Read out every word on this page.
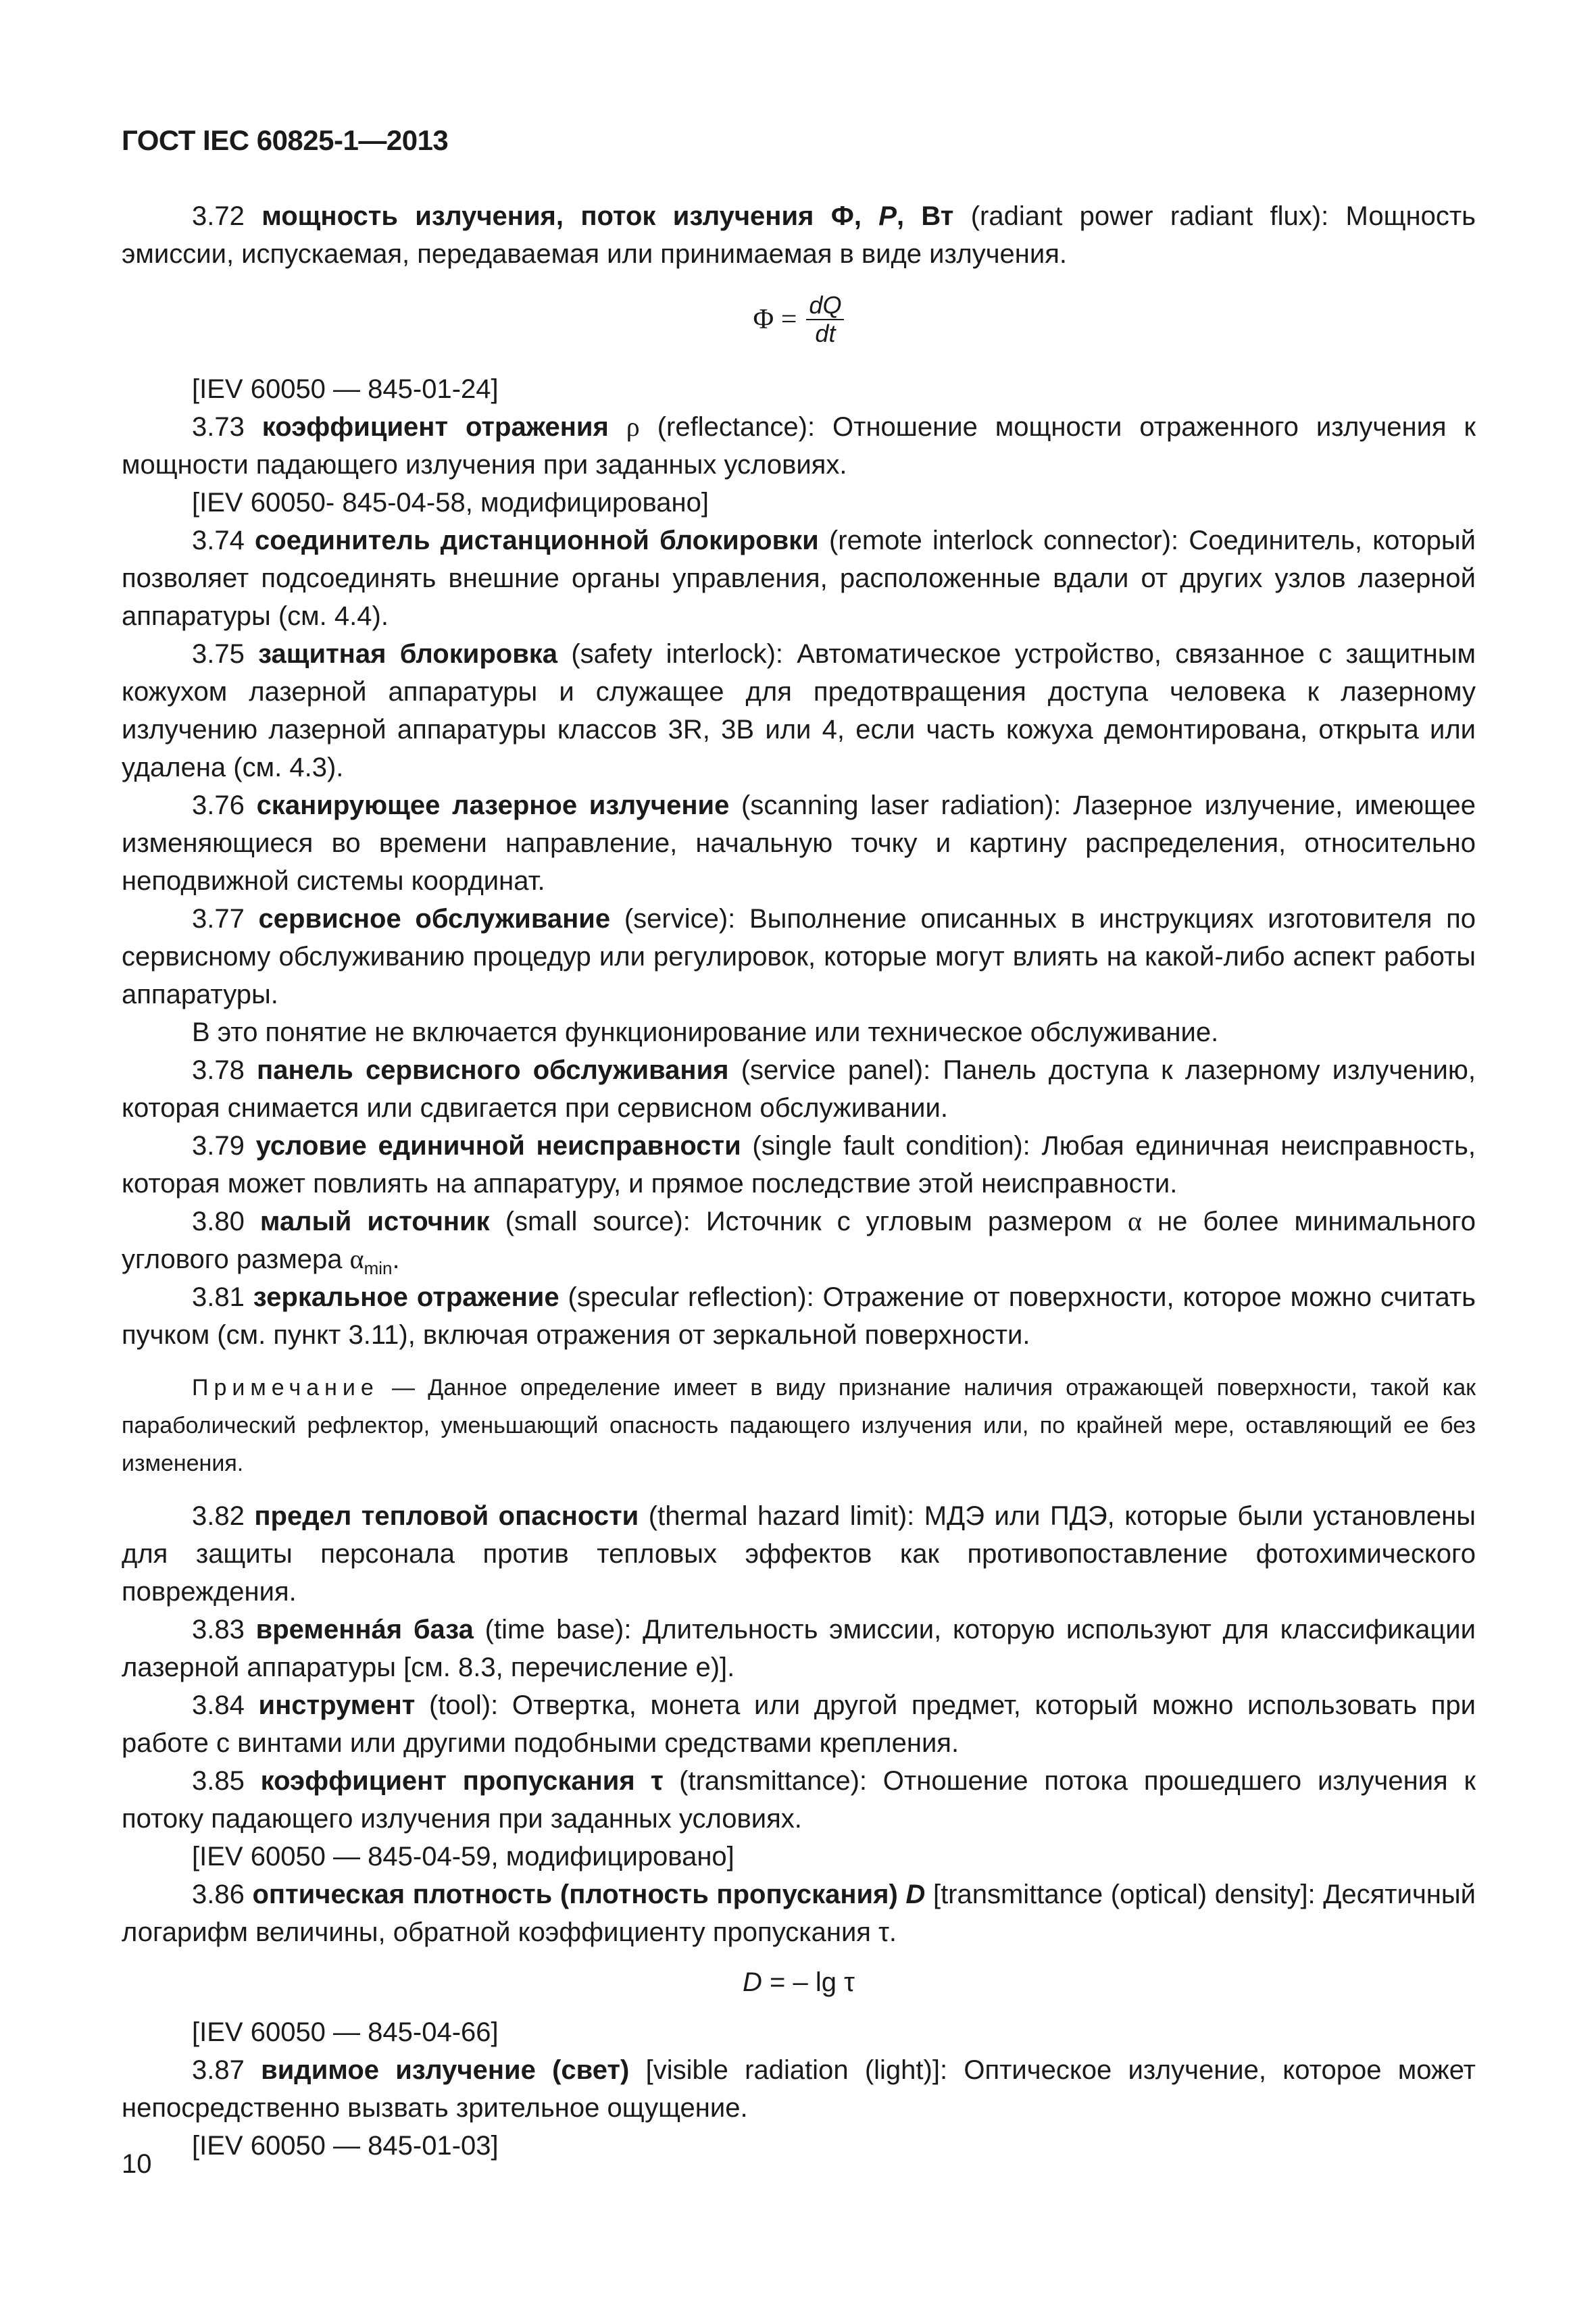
ГОСТ IEC 60825-1—2013

3.72 мощность излучения, поток излучения Ф, P, Вт (radiant power radiant flux): Мощность эмиссии, испускаемая, передаваемая или принимаемая в виде излучения.

$\Phi = \frac{dQ}{dt}$

[IEV 60050 — 845-01-24]

3.73 коэффициент отражения ρ (reflectance): Отношение мощности отраженного излучения к мощности падающего излучения при заданных условиях.

[IEV 60050- 845-04-58, модифицировано]

3.74 соединитель дистанционной блокировки (remote interlock connector): Соединитель, который позволяет подсоединять внешние органы управления, расположенные вдали от других узлов лазерной аппаратуры (см. 4.4).

3.75 защитная блокировка (safety interlock): Автоматическое устройство, связанное с защитным кожухом лазерной аппаратуры и служащее для предотвращения доступа человека к лазерному излучению лазерной аппаратуры классов 3R, 3B или 4, если часть кожуха демонтирована, открыта или удалена (см. 4.3).

3.76 сканирующее лазерное излучение (scanning laser radiation): Лазерное излучение, имеющее изменяющиеся во времени направление, начальную точку и картину распределения, относительно неподвижной системы координат.

3.77 сервисное обслуживание (service): Выполнение описанных в инструкциях изготовителя по сервисному обслуживанию процедур или регулировок, которые могут влиять на какой-либо аспект работы аппаратуры.

В это понятие не включается функционирование или техническое обслуживание.

3.78 панель сервисного обслуживания (service panel): Панель доступа к лазерному излучению, которая снимается или сдвигается при сервисном обслуживании.

3.79 условие единичной неисправности (single fault condition): Любая единичная неисправность, которая может повлиять на аппаратуру, и прямое последствие этой неисправности.

3.80 малый источник (small source): Источник с угловым размером α не более минимального углового размера $\alpha_{min}$.

3.81 зеркальное отражение (specular reflection): Отражение от поверхности, которое можно считать пучком (см. пункт 3.11), включая отражения от зеркальной поверхности.

Примечание — Данное определение имеет в виду признание наличия отражающей поверхности, такой как параболический рефлектор, уменьшающий опасность падающего излучения или, по крайней мере, оставляющий ее без изменения.

3.82 предел тепловой опасности (thermal hazard limit): МДЭ или ПДЭ, которые были установлены для защиты персонала против тепловых эффектов как противопоставление фотохимического повреждения.

3.83 временнáя база (time base): Длительность эмиссии, которую используют для классификации лазерной аппаратуры [см. 8.3, перечисление е)].

3.84 инструмент (tool): Отвертка, монета или другой предмет, который можно использовать при работе с винтами или другими подобными средствами крепления.

3.85 коэффициент пропускания τ (transmittance): Отношение потока прошедшего излучения к потоку падающего излучения при заданных условиях.

[IEV 60050 — 845-04-59, модифицировано]

3.86 оптическая плотность (плотность пропускания) D [transmittance (optical) density]: Десятичный логарифм величины, обратной коэффициенту пропускания τ.

D = – lg τ

[IEV 60050 — 845-04-66]

3.87 видимое излучение (свет) [visible radiation (light)]: Оптическое излучение, которое может непосредственно вызвать зрительное ощущение.

[IEV 60050 — 845-01-03]

10
